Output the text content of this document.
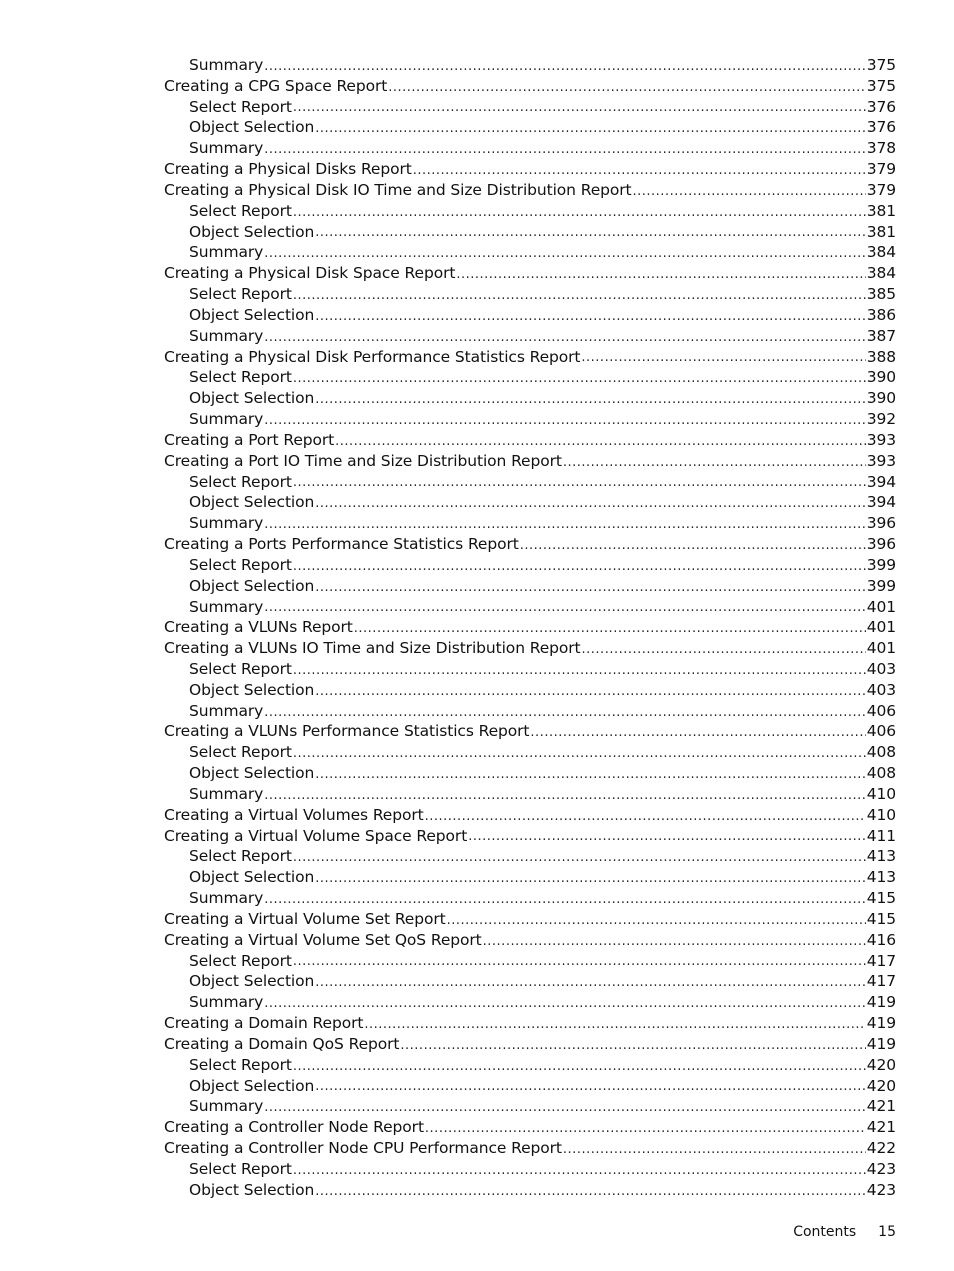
Summary .....	375
Creating a CPG Space Report .....	375
Select Report .....	376
Object Selection .....	376
Summary .....	378
Creating a Physical Disks Report .....	379
Creating a Physical Disk IO Time and Size Distribution Report .....	379
Select Report .....	381
Object Selection .....	381
Summary .....	384
Creating a Physical Disk Space Report .....	384
Select Report .....	385
Object Selection .....	386
Summary .....	387
Creating a Physical Disk Performance Statistics Report .....	388
Select Report .....	390
Object Selection .....	390
Summary .....	392
Creating a Port Report .....	393
Creating a Port IO Time and Size Distribution Report .....	393
Select Report .....	394
Object Selection .....	394
Summary .....	396
Creating a Ports Performance Statistics Report .....	396
Select Report .....	399
Object Selection .....	399
Summary .....	401
Creating a VLUNs Report .....	401
Creating a VLUNs IO Time and Size Distribution Report .....	401
Select Report .....	403
Object Selection .....	403
Summary .....	406
Creating a VLUNs Performance Statistics Report .....	406
Select Report .....	408
Object Selection .....	408
Summary .....	410
Creating a Virtual Volumes Report .....	410
Creating a Virtual Volume Space Report .....	411
Select Report .....	413
Object Selection .....	413
Summary .....	415
Creating a Virtual Volume Set Report .....	415
Creating a Virtual Volume Set QoS Report .....	416
Select Report .....	417
Object Selection .....	417
Summary .....	419
Creating a Domain Report .....	419
Creating a Domain QoS Report .....	419
Select Report .....	420
Object Selection .....	420
Summary .....	421
Creating a Controller Node Report .....	421
Creating a Controller Node CPU Performance Report .....	422
Select Report .....	423
Object Selection .....	423
Contents 15
